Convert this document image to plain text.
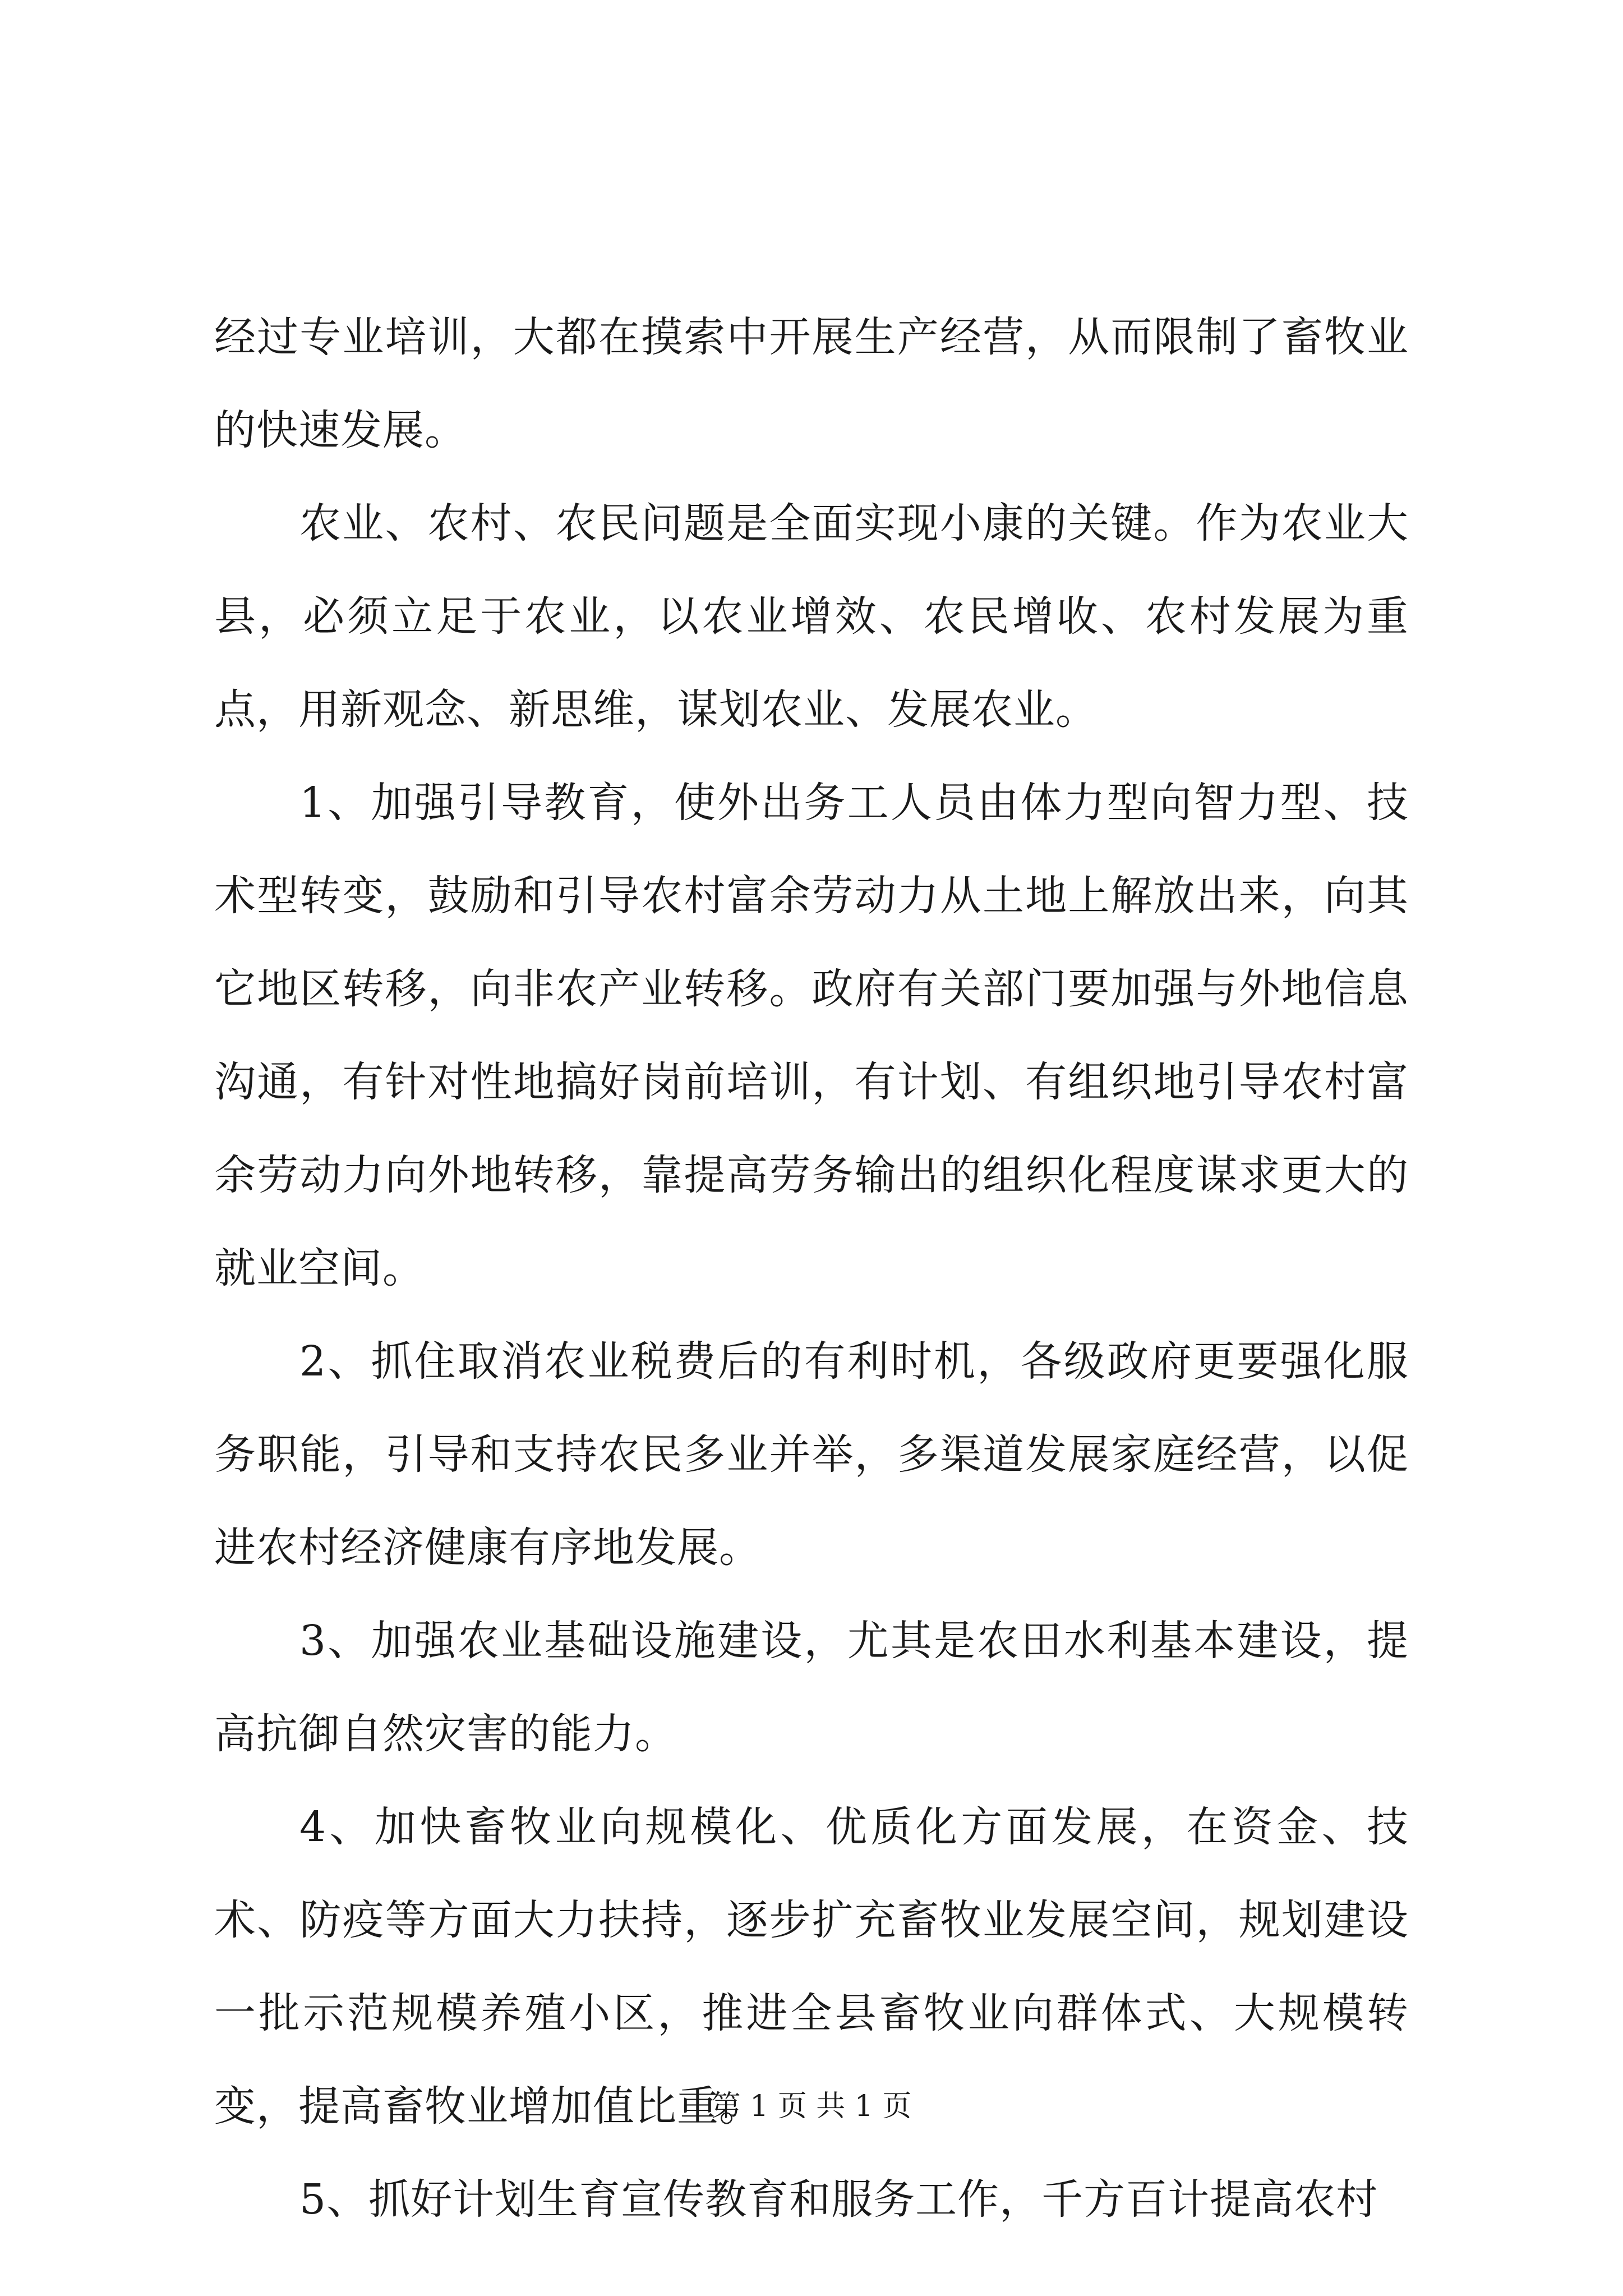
经过专业培训，大都在摸索中开展生产经营，从而限制了畜牧业的快速发展。

农业、农村、农民问题是全面实现小康的关键。作为农业大县，必须立足于农业，以农业增效、农民增收、农村发展为重点，用新观念、新思维，谋划农业、发展农业。

1、加强引导教育，使外出务工人员由体力型向智力型、技术型转变，鼓励和引导农村富余劳动力从土地上解放出来，向其它地区转移，向非农产业转移。政府有关部门要加强与外地信息沟通，有针对性地搞好岗前培训，有计划、有组织地引导农村富余劳动力向外地转移，靠提高劳务输出的组织化程度谋求更大的就业空间。

2、抓住取消农业税费后的有利时机，各级政府更要强化服务职能，引导和支持农民多业并举，多渠道发展家庭经营，以促进农村经济健康有序地发展。

3、加强农业基础设施建设，尤其是农田水利基本建设，提高抗御自然灾害的能力。

4、加快畜牧业向规模化、优质化方面发展，在资金、技术、防疫等方面大力扶持，逐步扩充畜牧业发展空间，规划建设一批示范规模养殖小区，推进全县畜牧业向群体式、大规模转变，提高畜牧业增加值比重。

5、抓好计划生育宣传教育和服务工作，千方百计提高农村

第 1 页 共 1 页
